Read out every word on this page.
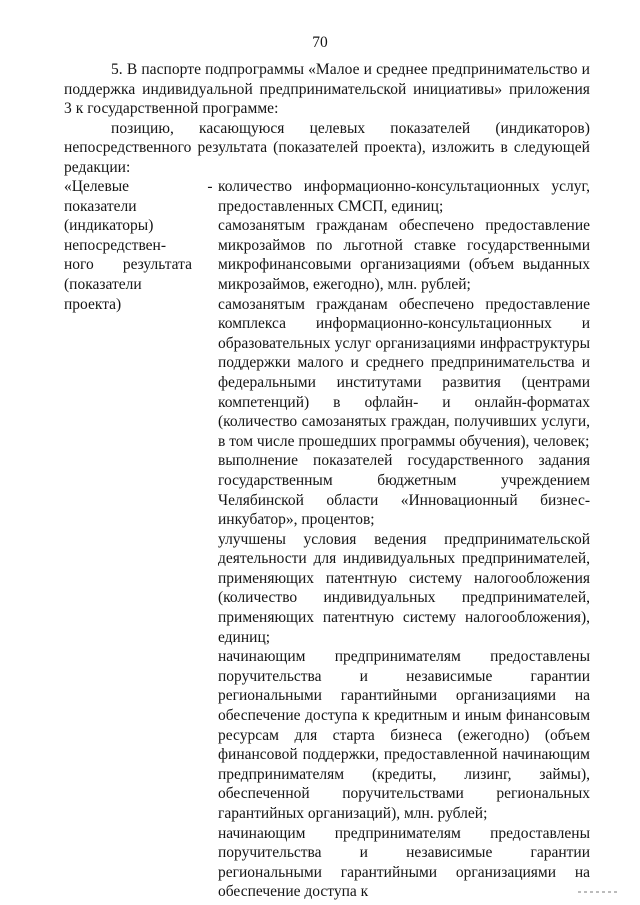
70

5. В паспорте подпрограммы «Малое и среднее предпринимательство и поддержка индивидуальной предпринимательской инициативы» приложения 3 к государственной программе:

позицию, касающуюся целевых показателей (индикаторов) непосредственного результата (показателей проекта), изложить в следующей редакции:

«Целевые
показатели
(индикаторы)
непосредствен-
ного результата
(показатели
проекта)
- количество информационно-консультационных услуг, предоставленных СМСП, единиц;

самозанятым гражданам обеспечено предоставление микрозаймов по льготной ставке государственными микрофинансовыми организациями (объем выданных микрозаймов, ежегодно), млн. рублей;

самозанятым гражданам обеспечено предоставление комплекса информационно-консультационных и образовательных услуг организациями инфраструктуры поддержки малого и среднего предпринимательства и федеральными институтами развития (центрами компетенций) в офлайн- и онлайн-форматах (количество самозанятых граждан, получивших услуги, в том числе прошедших программы обучения), человек;

выполнение показателей государственного задания государственным бюджетным учреждением Челябинской области «Инновационный бизнес-инкубатор», процентов;

улучшены условия ведения предпринимательской деятельности для индивидуальных предпринимателей, применяющих патентную систему налогообложения (количество индивидуальных предпринимателей, применяющих патентную систему налогообложения), единиц;

начинающим предпринимателям предоставлены поручительства и независимые гарантии региональными гарантийными организациями на обеспечение доступа к кредитным и иным финансовым ресурсам для старта бизнеса (ежегодно) (объем финансовой поддержки, предоставленной начинающим предпринимателям (кредиты, лизинг, займы), обеспеченной поручительствами региональных гарантийных организаций), млн. рублей;

начинающим предпринимателям предоставлены поручительства и независимые гарантии региональными гарантийными организациями на обеспечение доступа к
